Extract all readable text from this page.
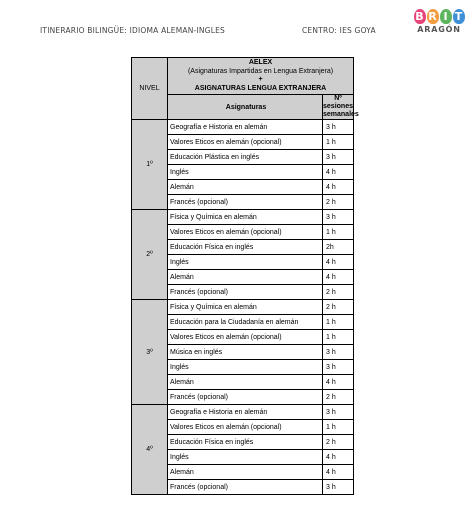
ITINERARIO BILINGÜE: IDIOMA ALEMAN-INGLES	CENTRO: IES GOYA
B R I T
ARAGÓN
NIVEL	AELEX
(Asignaturas Impartidas en Lengua Extranjera)
+
ASIGNATURAS LENGUA EXTRANJERA	

	Asignaturas	Nº sesiones semanales
1º	Geografía e Historia en alemán	3 h
	Valores Eticos en alemán (opcional)	1 h
	Educación Plástica en inglés	3 h
	Inglés	4 h
	Alemán	4 h
	Francés (opcional)	2 h
2º	Física y Química en alemán	3 h
	Valores Eticos en alemán (opcional)	1 h
	Educación Física en inglés	2h
	Inglés	4 h
	Alemán	4 h
	Francés (opcional)	2 h
3º	Física y Química en alemán	2 h
	Educación para la Ciudadanía en alemán	1 h
	Valores Eticos en alemán (opcional)	1 h
	Música en inglés	3 h
	Inglés	3 h
	Alemán	4 h
	Francés (opcional)	2 h
4º	Geografía e Historia en alemán	3 h
	Valores Eticos en alemán (opcional)	1 h
	Educación Física en inglés	2 h
	Inglés	4 h
	Alemán	4 h
	Francés (opcional)	3 h
